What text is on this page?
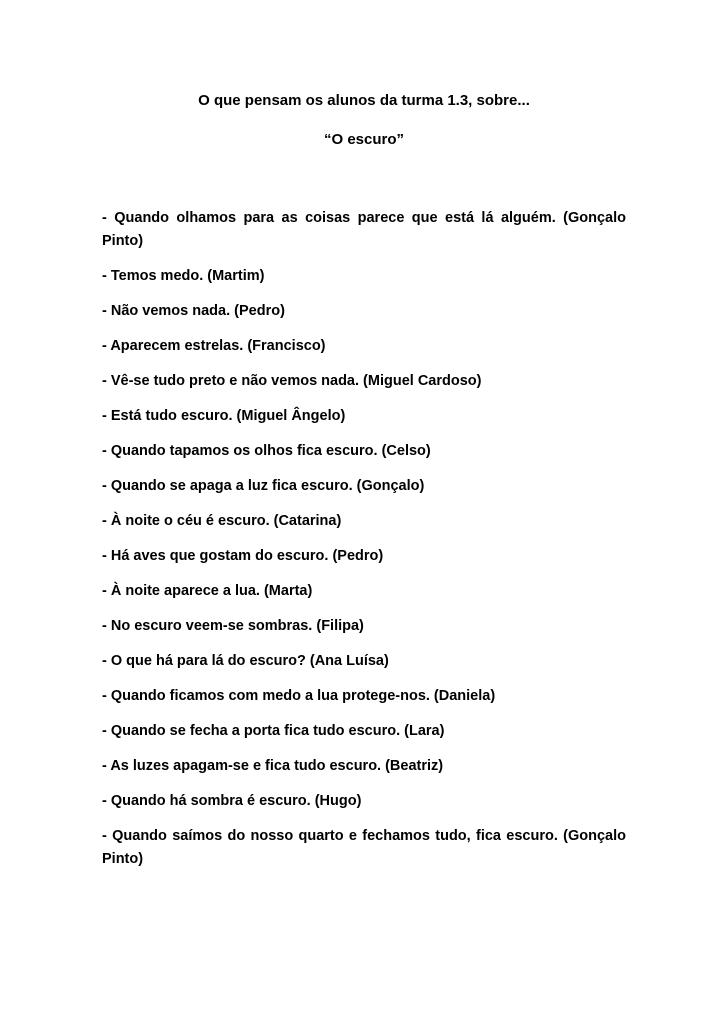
O que pensam os alunos da turma 1.3, sobre...
“O escuro”
- Quando olhamos para as coisas parece que está lá alguém. (Gonçalo Pinto)
- Temos medo. (Martim)
- Não vemos nada. (Pedro)
- Aparecem estrelas. (Francisco)
- Vê-se tudo preto e não vemos nada. (Miguel Cardoso)
- Está tudo escuro. (Miguel Ângelo)
- Quando tapamos os olhos fica escuro. (Celso)
- Quando se apaga a luz fica escuro. (Gonçalo)
- À noite o céu é escuro. (Catarina)
- Há aves que gostam do escuro. (Pedro)
- À noite aparece a lua. (Marta)
- No escuro veem-se sombras. (Filipa)
- O que há para lá do escuro? (Ana Luísa)
- Quando ficamos com medo a lua protege-nos. (Daniela)
- Quando se fecha a porta fica tudo escuro. (Lara)
- As luzes apagam-se e fica tudo escuro. (Beatriz)
- Quando há sombra é escuro. (Hugo)
- Quando saímos do nosso quarto e fechamos tudo, fica escuro. (Gonçalo Pinto)
